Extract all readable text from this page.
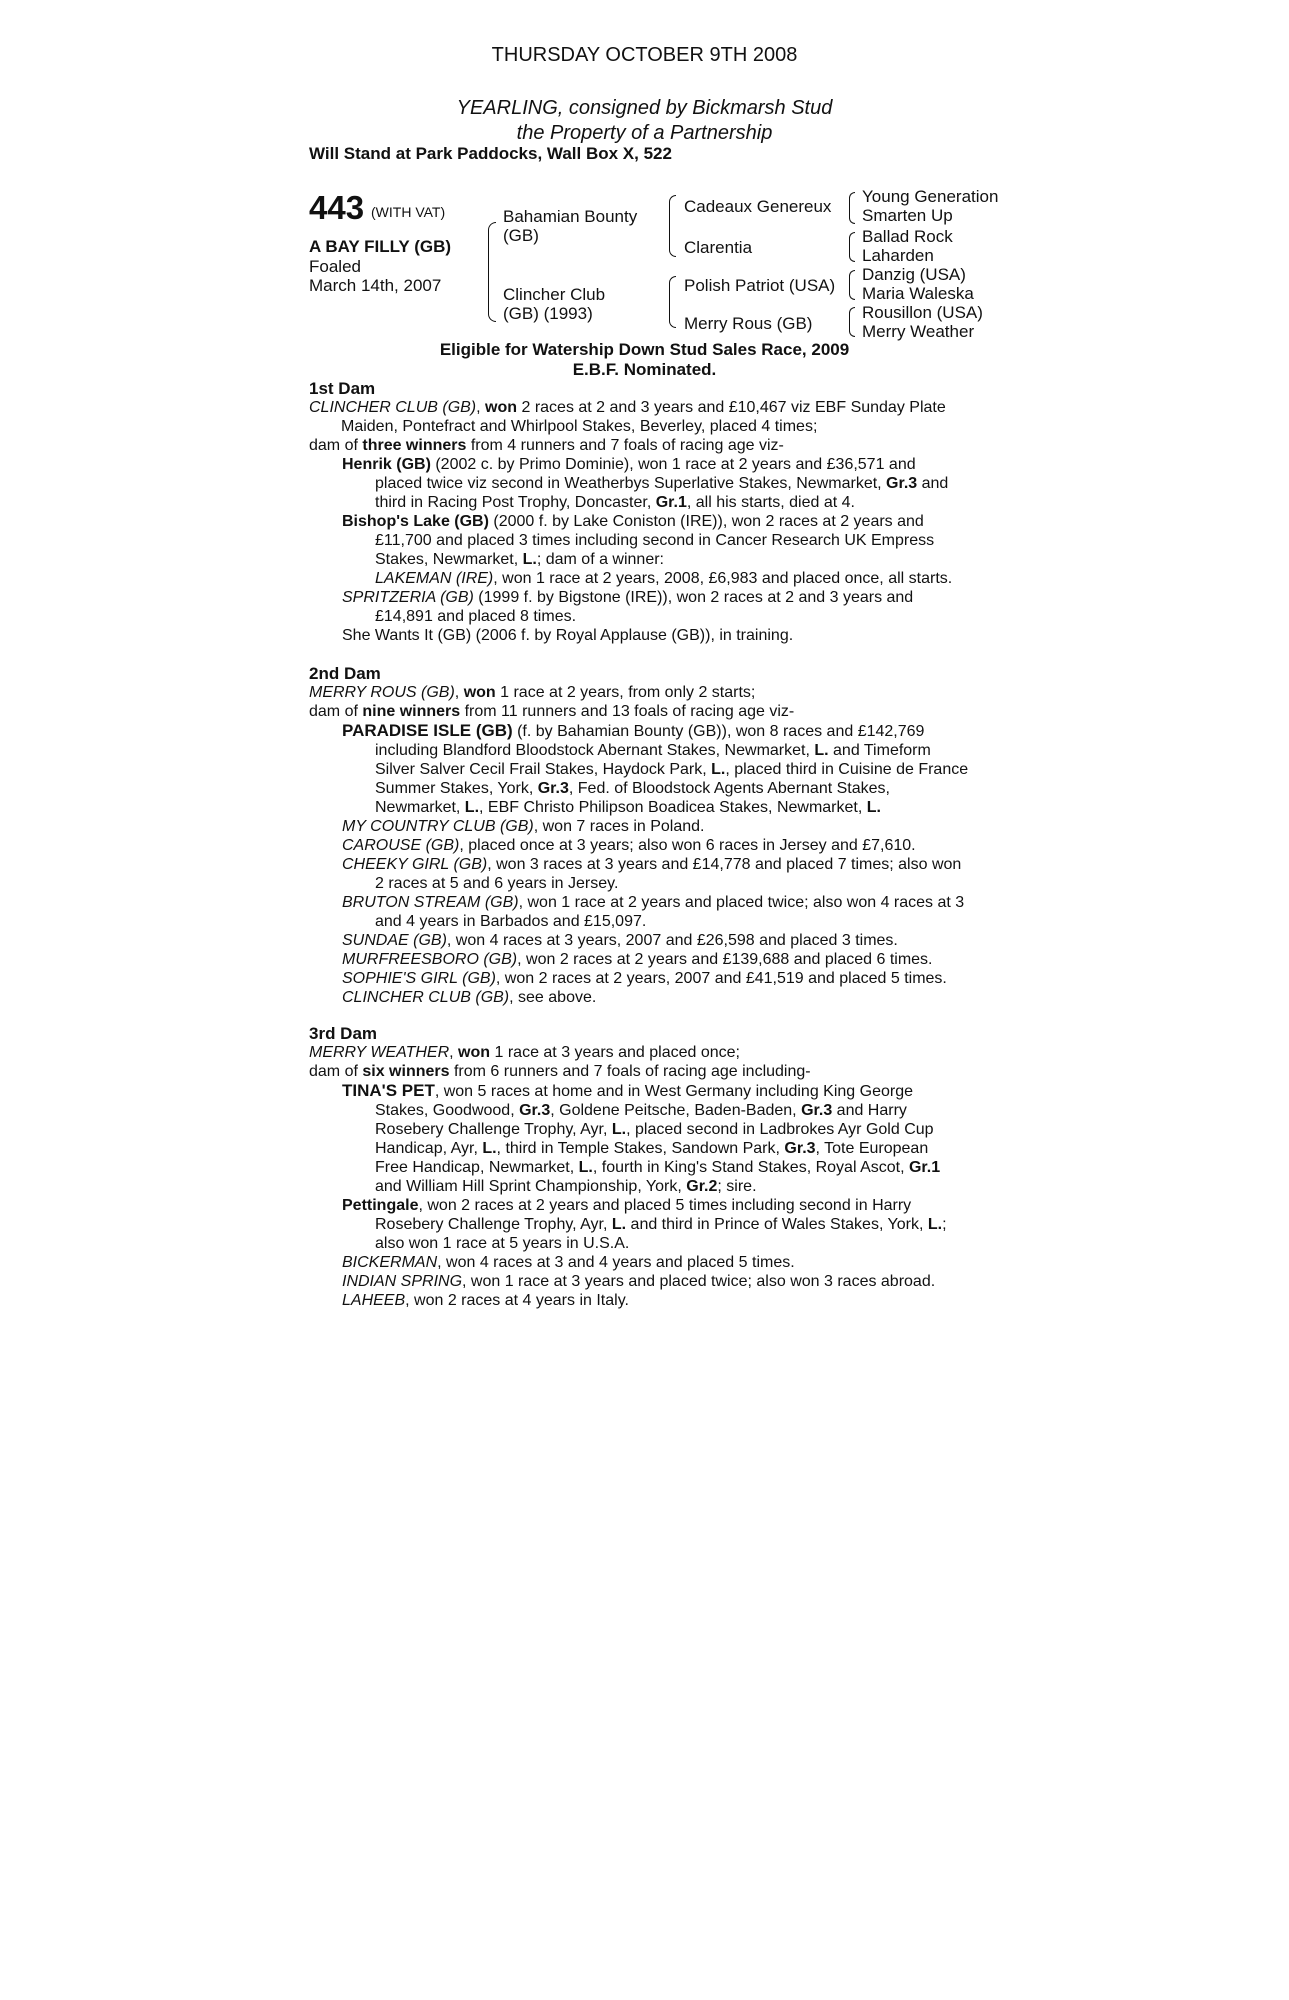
THURSDAY OCTOBER 9TH 2008
YEARLING, consigned by Bickmarsh Stud
the Property of a Partnership
Will Stand at Park Paddocks, Wall Box X, 522
443 (WITH VAT)
A BAY FILLY (GB)
Foaled
March 14th, 2007
Bahamian Bounty (GB)
Clincher Club (GB) (1993)
Cadeaux Genereux
Clarentia
Polish Patriot (USA)
Merry Rous (GB)
Young Generation
Smarten Up
Ballad Rock
Laharden
Danzig (USA)
Maria Waleska
Rousillon (USA)
Merry Weather
Eligible for Watership Down Stud Sales Race, 2009
E.B.F. Nominated.

1st Dam

CLINCHER CLUB (GB), won 2 races at 2 and 3 years and £10,467 viz EBF Sunday Plate

Maiden, Pontefract and Whirlpool Stakes, Beverley, placed 4 times;

dam of three winners from 4 runners and 7 foals of racing age viz-

Henrik (GB) (2002 c. by Primo Dominie), won 1 race at 2 years and £36,571 and

placed twice viz second in Weatherbys Superlative Stakes, Newmarket, Gr.3 and

third in Racing Post Trophy, Doncaster, Gr.1, all his starts, died at 4.

Bishop's Lake (GB) (2000 f. by Lake Coniston (IRE)), won 2 races at 2 years and

£11,700 and placed 3 times including second in Cancer Research UK Empress

Stakes, Newmarket, L.; dam of a winner:

LAKEMAN (IRE), won 1 race at 2 years, 2008, £6,983 and placed once, all starts.

SPRITZERIA (GB) (1999 f. by Bigstone (IRE)), won 2 races at 2 and 3 years and

£14,891 and placed 8 times.

She Wants It (GB) (2006 f. by Royal Applause (GB)), in training.

2nd Dam

MERRY ROUS (GB), won 1 race at 2 years, from only 2 starts;

dam of nine winners from 11 runners and 13 foals of racing age viz-

PARADISE ISLE (GB) (f. by Bahamian Bounty (GB)), won 8 races and £142,769

including Blandford Bloodstock Abernant Stakes, Newmarket, L. and Timeform

Silver Salver Cecil Frail Stakes, Haydock Park, L., placed third in Cuisine de France

Summer Stakes, York, Gr.3, Fed. of Bloodstock Agents Abernant Stakes,

Newmarket, L., EBF Christo Philipson Boadicea Stakes, Newmarket, L.

MY COUNTRY CLUB (GB), won 7 races in Poland.

CAROUSE (GB), placed once at 3 years; also won 6 races in Jersey and £7,610.

CHEEKY GIRL (GB), won 3 races at 3 years and £14,778 and placed 7 times; also won

2 races at 5 and 6 years in Jersey.

BRUTON STREAM (GB), won 1 race at 2 years and placed twice; also won 4 races at 3

and 4 years in Barbados and £15,097.

SUNDAE (GB), won 4 races at 3 years, 2007 and £26,598 and placed 3 times.

MURFREESBORO (GB), won 2 races at 2 years and £139,688 and placed 6 times.

SOPHIE'S GIRL (GB), won 2 races at 2 years, 2007 and £41,519 and placed 5 times.

CLINCHER CLUB (GB), see above.

3rd Dam

MERRY WEATHER, won 1 race at 3 years and placed once;

dam of six winners from 6 runners and 7 foals of racing age including-

TINA'S PET, won 5 races at home and in West Germany including King George

Stakes, Goodwood, Gr.3, Goldene Peitsche, Baden-Baden, Gr.3 and Harry

Rosebery Challenge Trophy, Ayr, L., placed second in Ladbrokes Ayr Gold Cup

Handicap, Ayr, L., third in Temple Stakes, Sandown Park, Gr.3, Tote European

Free Handicap, Newmarket, L., fourth in King's Stand Stakes, Royal Ascot, Gr.1

and William Hill Sprint Championship, York, Gr.2; sire.

Pettingale, won 2 races at 2 years and placed 5 times including second in Harry

Rosebery Challenge Trophy, Ayr, L. and third in Prince of Wales Stakes, York, L.;

also won 1 race at 5 years in U.S.A.

BICKERMAN, won 4 races at 3 and 4 years and placed 5 times.

INDIAN SPRING, won 1 race at 3 years and placed twice; also won 3 races abroad.

LAHEEB, won 2 races at 4 years in Italy.
